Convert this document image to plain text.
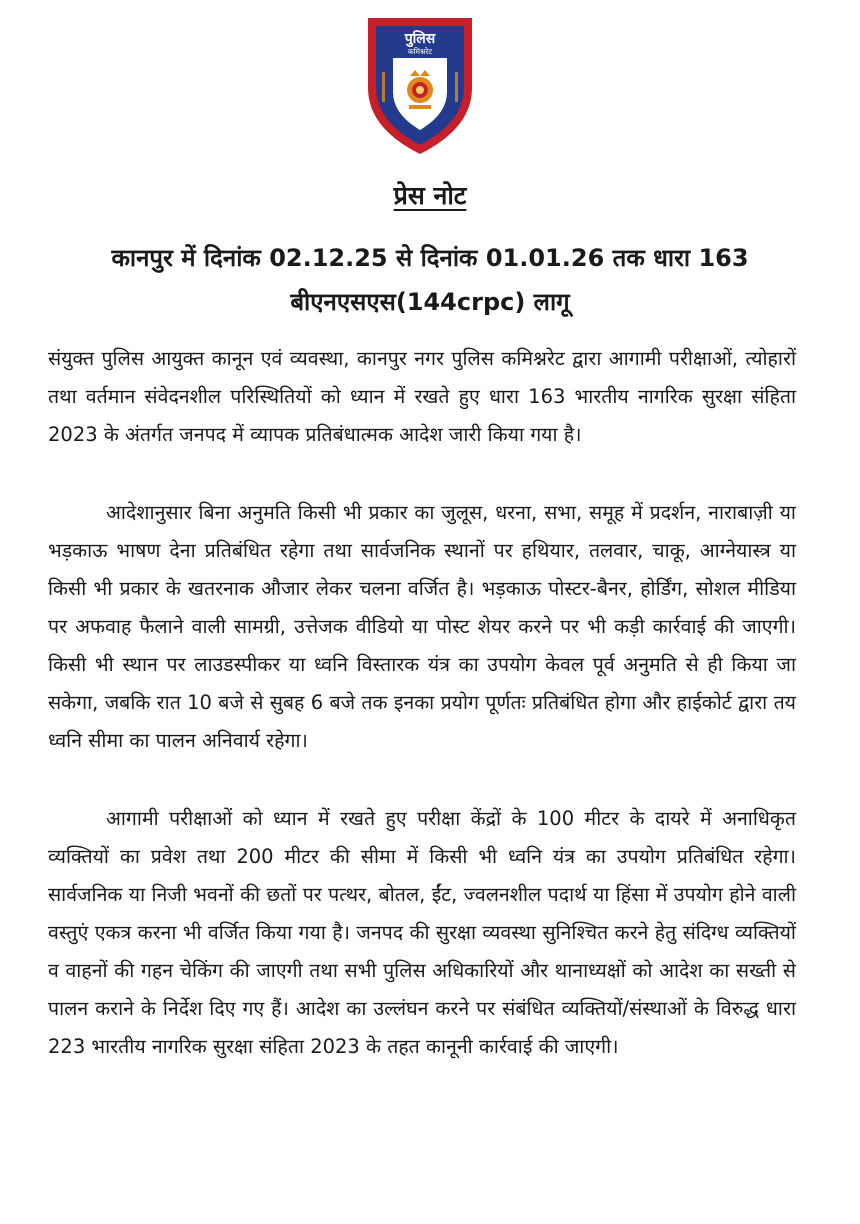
पुलिस
कमिश्नरेट
प्रेस नोट
कानपुर में दिनांक 02.12.25 से दिनांक 01.01.26 तक धारा 163
बीएनएसएस(144crpc) लागू

संयुक्त पुलिस आयुक्त कानून एवं व्यवस्था, कानपुर नगर पुलिस कमिश्नरेट द्वारा आगामी परीक्षाओं, त्योहारों तथा वर्तमान संवेदनशील परिस्थितियों को ध्यान में रखते हुए धारा 163 भारतीय नागरिक सुरक्षा संहिता 2023 के अंतर्गत जनपद में व्यापक प्रतिबंधात्मक आदेश जारी किया गया है।

आदेशानुसार बिना अनुमति किसी भी प्रकार का जुलूस, धरना, सभा, समूह में प्रदर्शन, नाराबाज़ी या भड़काऊ भाषण देना प्रतिबंधित रहेगा तथा सार्वजनिक स्थानों पर हथियार, तलवार, चाकू, आग्नेयास्त्र या किसी भी प्रकार के खतरनाक औजार लेकर चलना वर्जित है। भड़काऊ पोस्टर-बैनर, होर्डिंग, सोशल मीडिया पर अफवाह फैलाने वाली सामग्री, उत्तेजक वीडियो या पोस्ट शेयर करने पर भी कड़ी कार्रवाई की जाएगी। किसी भी स्थान पर लाउडस्पीकर या ध्वनि विस्तारक यंत्र का उपयोग केवल पूर्व अनुमति से ही किया जा सकेगा, जबकि रात 10 बजे से सुबह 6 बजे तक इनका प्रयोग पूर्णतः प्रतिबंधित होगा और हाईकोर्ट द्वारा तय ध्वनि सीमा का पालन अनिवार्य रहेगा।

आगामी परीक्षाओं को ध्यान में रखते हुए परीक्षा केंद्रों के 100 मीटर के दायरे में अनाधिकृत व्यक्तियों का प्रवेश तथा 200 मीटर की सीमा में किसी भी ध्वनि यंत्र का उपयोग प्रतिबंधित रहेगा। सार्वजनिक या निजी भवनों की छतों पर पत्थर, बोतल, ईंट, ज्वलनशील पदार्थ या हिंसा में उपयोग होने वाली वस्तुएं एकत्र करना भी वर्जित किया गया है। जनपद की सुरक्षा व्यवस्था सुनिश्चित करने हेतु संदिग्ध व्यक्तियों व वाहनों की गहन चेकिंग की जाएगी तथा सभी पुलिस अधिकारियों और थानाध्यक्षों को आदेश का सख्ती से पालन कराने के निर्देश दिए गए हैं। आदेश का उल्लंघन करने पर संबंधित व्यक्तियों/संस्थाओं के विरुद्ध धारा 223 भारतीय नागरिक सुरक्षा संहिता 2023 के तहत कानूनी कार्रवाई की जाएगी।
